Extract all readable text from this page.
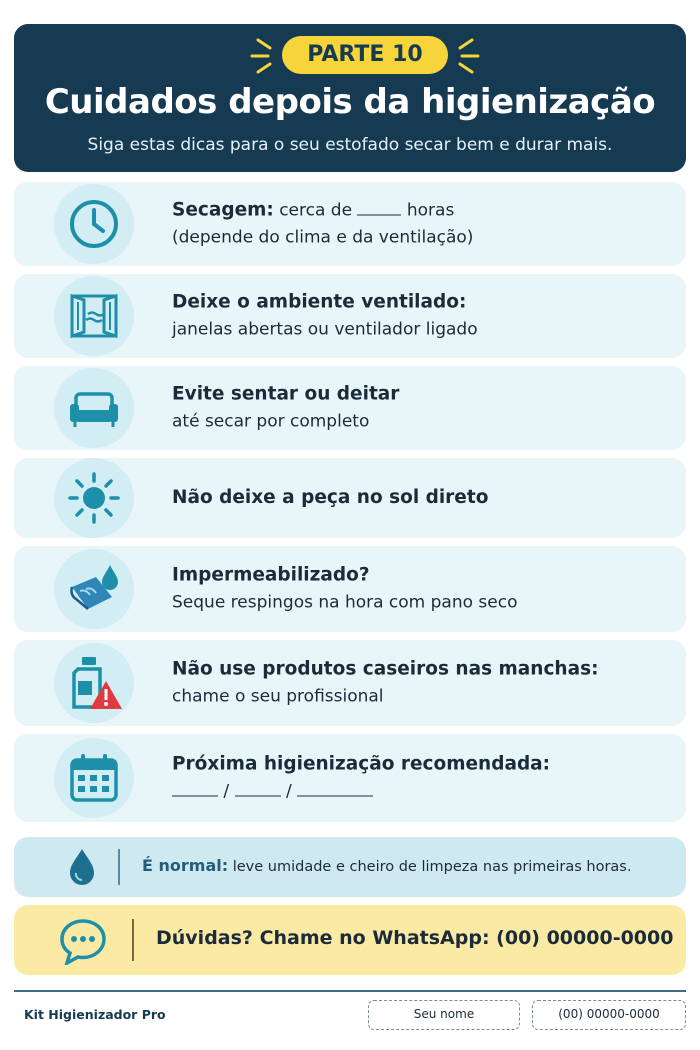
PARTE 10
Cuidados depois da higienização
Siga estas dicas para o seu estofado secar bem e durar mais.
Secagem: cerca de	horas
(depende do clima e da ventilação)
Deixe o ambiente ventilado:
janelas abertas ou ventilador ligado
Evite sentar ou deitar
até secar por completo
Não deixe a peça no sol direto
Impermeabilizado?
Seque respingos na hora com pano seco
Não use produtos caseiros nas manchas:
chame o seu profissional
Próxima higienização recomendada:
/	/
É normal: leve umidade e cheiro de limpeza nas primeiras horas.
Dúvidas? Chame no WhatsApp: (00) 00000-0000
Kit Higienizador Pro	Seu nome	(00) 00000-0000
